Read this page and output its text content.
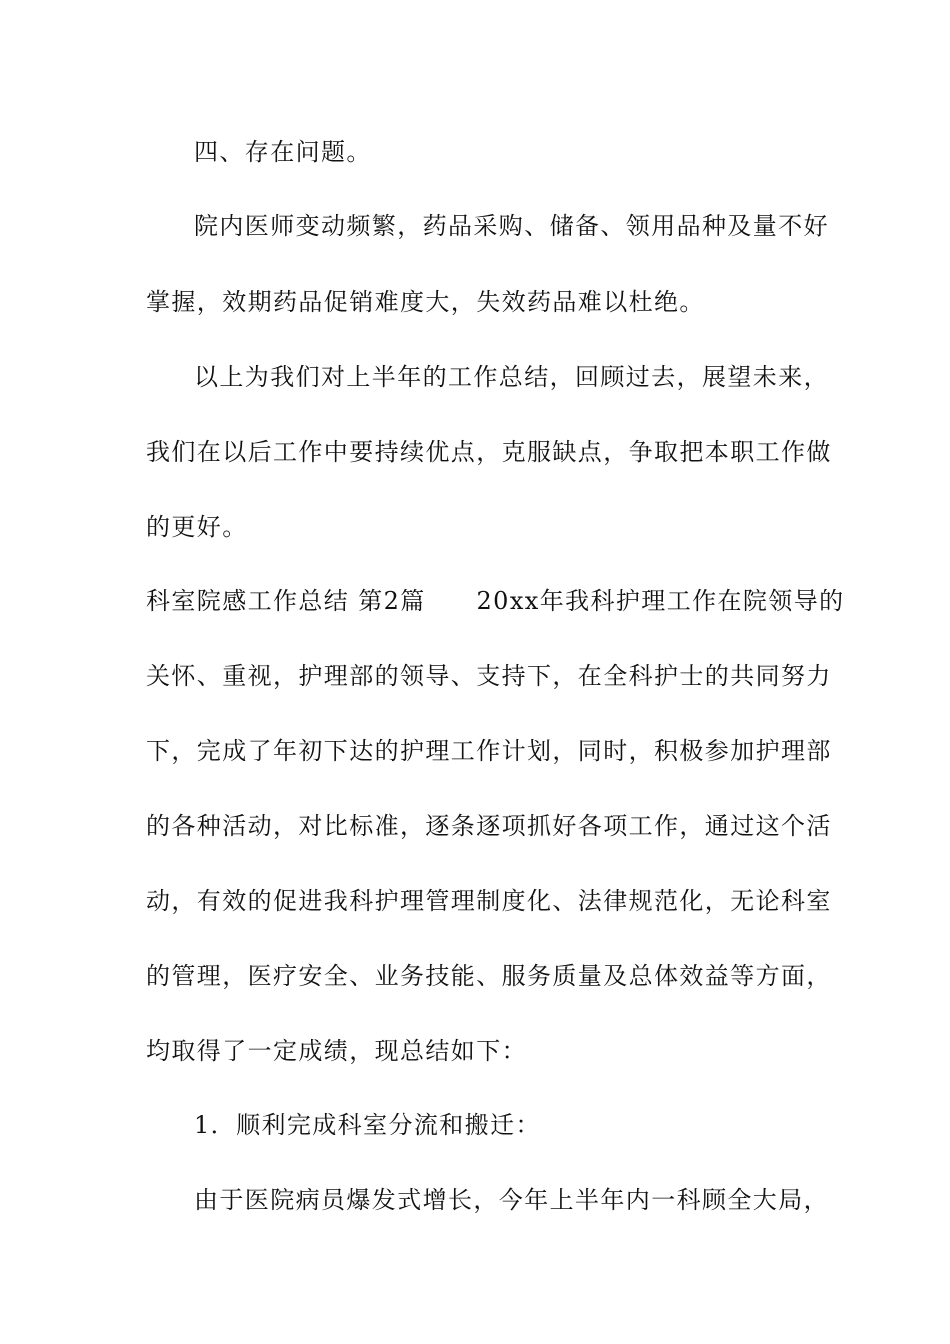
四、存在问题。
院内医师变动频繁，药品采购、储备、领用品种及量不好
掌握，效期药品促销难度大，失效药品难以杜绝。
以上为我们对上半年的工作总结，回顾过去，展望未来，
我们在以后工作中要持续优点，克服缺点，争取把本职工作做
的更好。
科室院感工作总结 第2篇　　20xx年我科护理工作在院领导的
关怀、重视，护理部的领导、支持下，在全科护士的共同努力
下，完成了年初下达的护理工作计划，同时，积极参加护理部
的各种活动，对比标准，逐条逐项抓好各项工作，通过这个活
动，有效的促进我科护理管理制度化、法律规范化，无论科室
的管理，医疗安全、业务技能、服务质量及总体效益等方面，
均取得了一定成绩，现总结如下：
1．顺利完成科室分流和搬迁：
由于医院病员爆发式增长，今年上半年内一科顾全大局，
